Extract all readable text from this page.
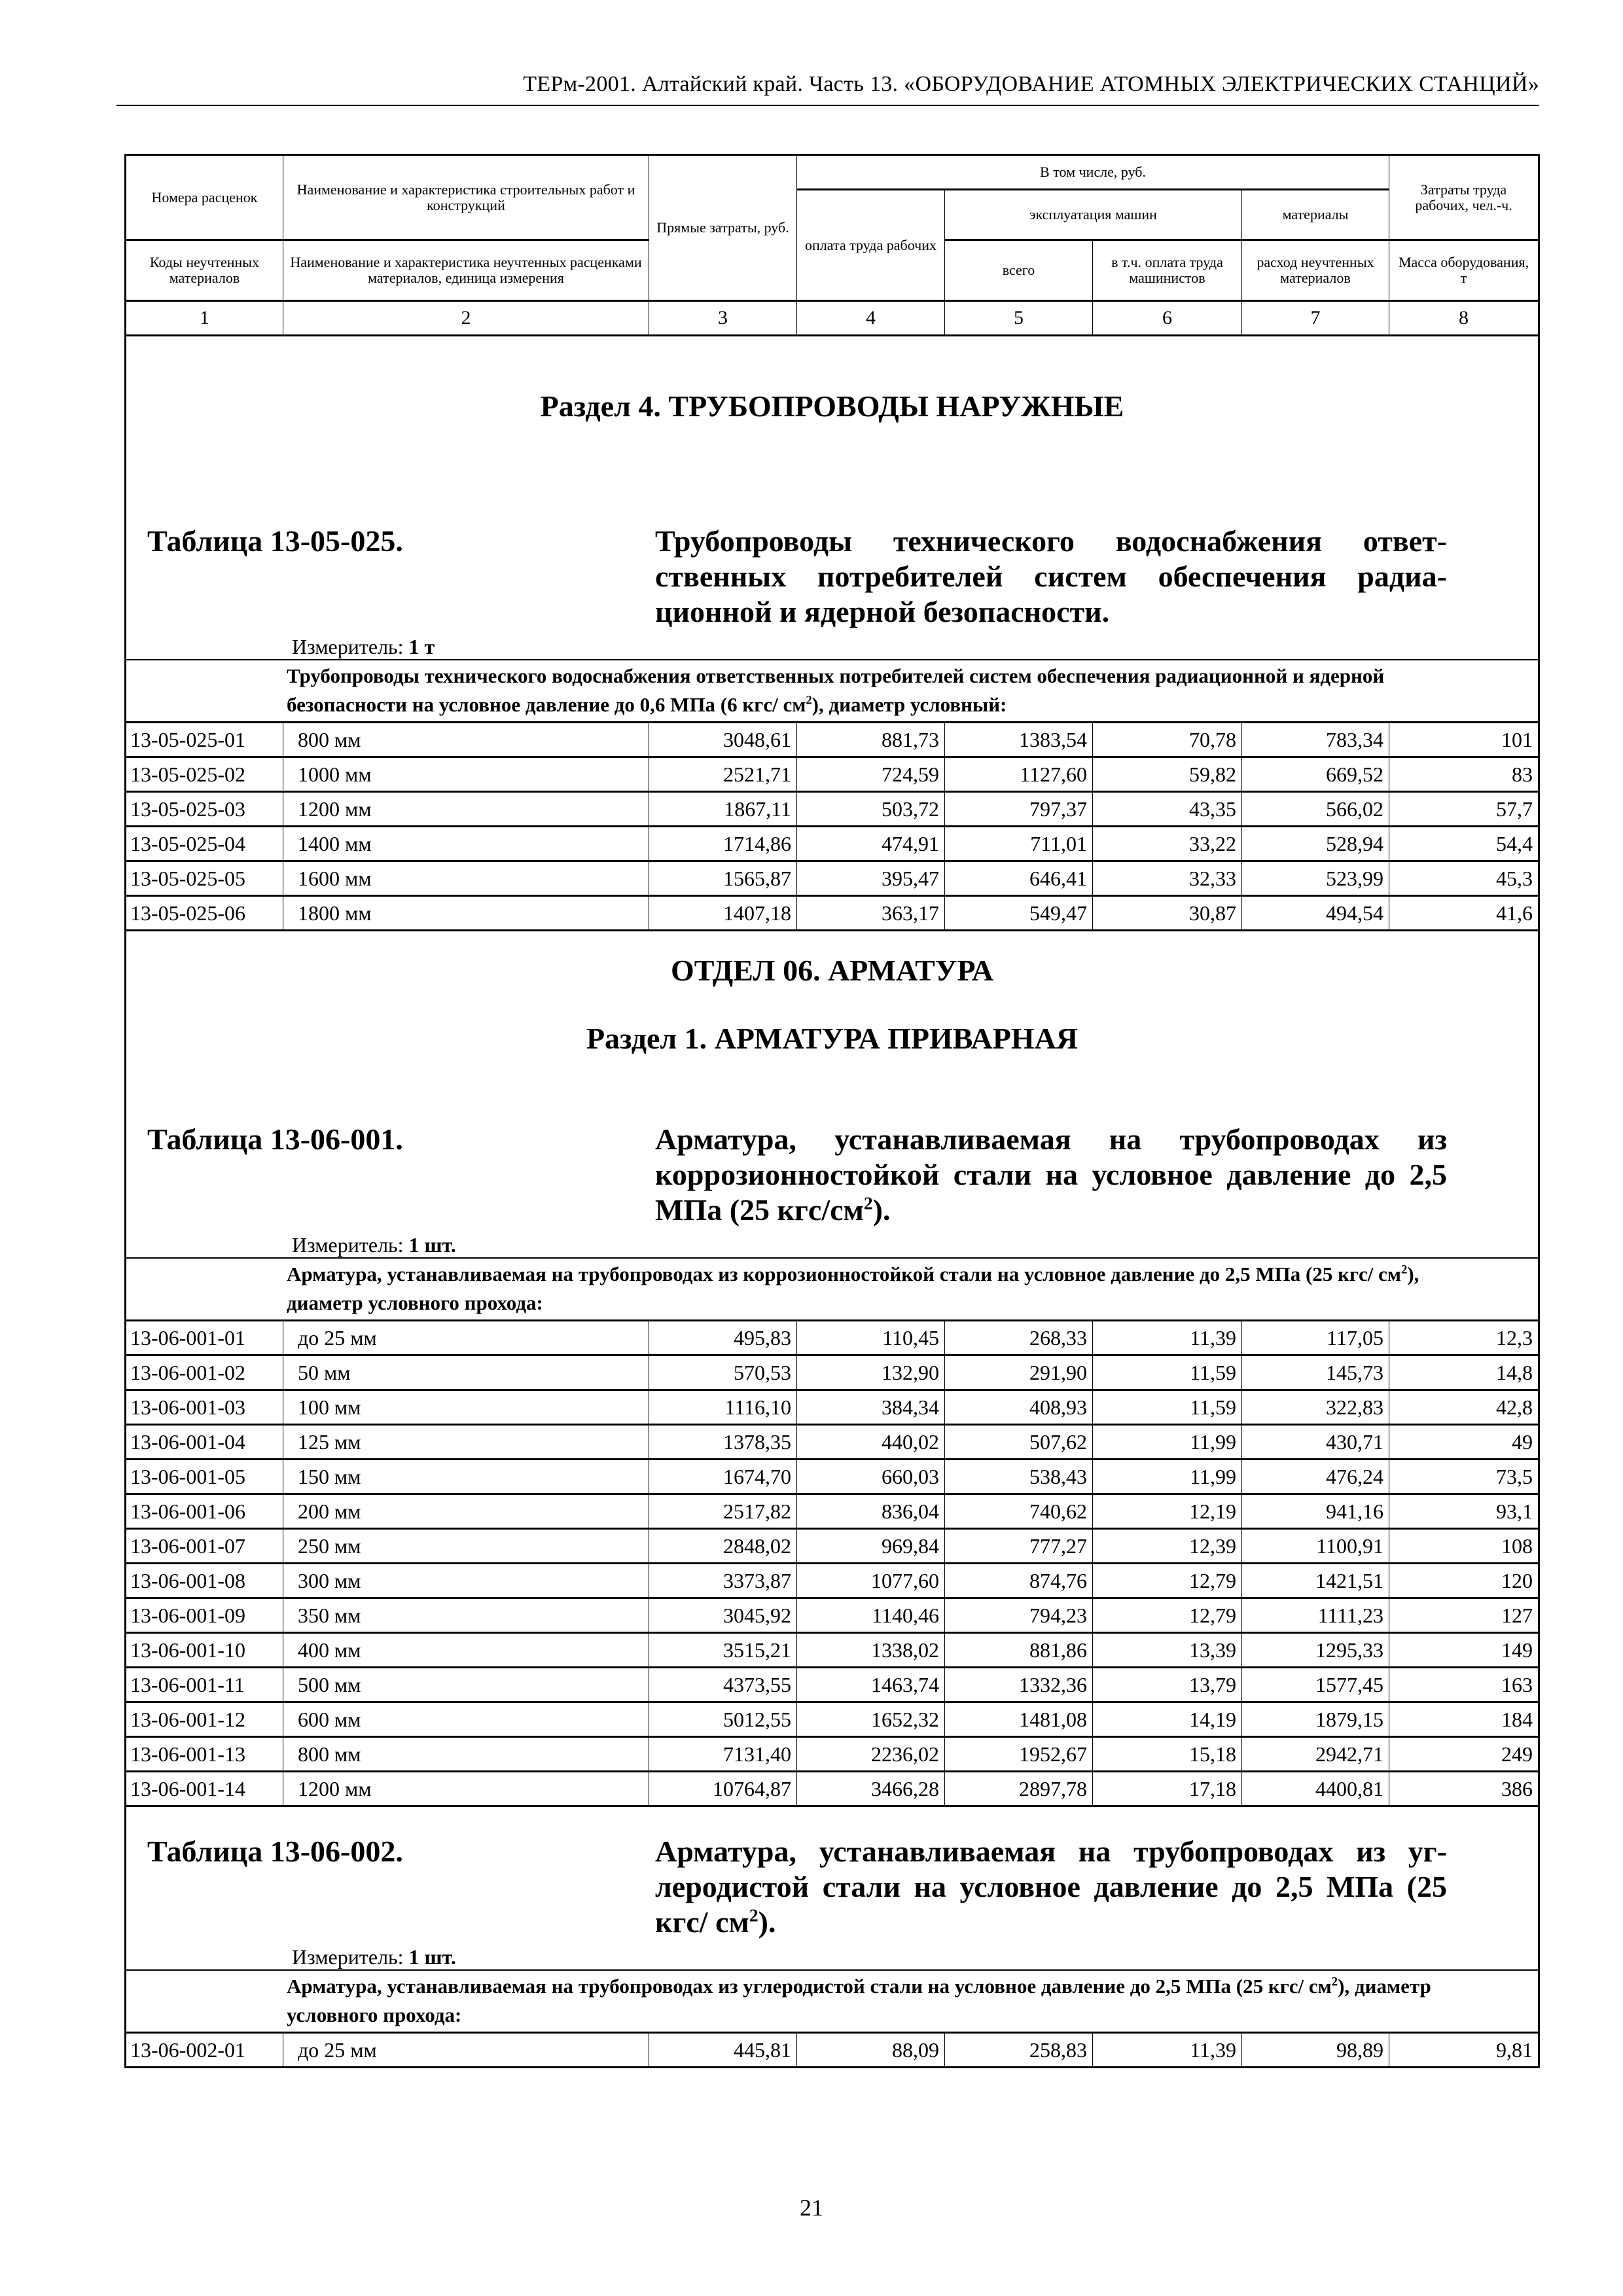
ТЕРм-2001. Алтайский край. Часть 13. «ОБОРУДОВАНИЕ АТОМНЫХ ЭЛЕКТРИЧЕСКИХ СТАНЦИЙ»
Номера расценок	Наименование и характеристика строительных работ и конструкций	Прямые затраты, руб.	В том числе, руб.				Затраты труда рабочих, чел.-ч.
			оплата труда рабочих	эксплуатация машин		материалы	
Коды неучтенных материалов	Наименование и характеристика неучтенных расценками материалов, единица измерения			всего	в т.ч. оплата труда машинистов	расход неучтенных материалов	Масса оборудования, т
1	2	3	4	5	6	7	8

Раздел 4. ТРУБОПРОВОДЫ НАРУЖНЫЕ							

Таблица 13-05-025. Трубопроводы технического водоснабжения ответственных потребителей систем обеспечения радиационной и ядерной безопасности.
Измеритель: 1 т							

Трубопроводы технического водоснабжения ответственных потребителей систем обеспечения радиационной и ядерной безопасности на условное давление до 0,6 МПа (6 кгс/ $см^2$), диаметр условный:							

13-05-025-01	800 мм	3048,61	881,73	1383,54	70,78	783,34	101
13-05-025-02	1000 мм	2521,71	724,59	1127,60	59,82	669,52	83
13-05-025-03	1200 мм	1867,11	503,72	797,37	43,35	566,02	57,7
13-05-025-04	1400 мм	1714,86	474,91	711,01	33,22	528,94	54,4
13-05-025-05	1600 мм	1565,87	395,47	646,41	32,33	523,99	45,3
13-05-025-06	1800 мм	1407,18	363,17	549,47	30,87	494,54	41,6

ОТДЕЛ 06. АРМАТУРА							

Раздел 1. АРМАТУРА ПРИВАРНАЯ							

Таблица 13-06-001. Арматура, устанавливаемая на трубопроводах из коррозионностойкой стали на условное давление до 2,5 МПа (25 кгс/$см^2$).
Измеритель: 1 шт.							

Арматура, устанавливаемая на трубопроводах из коррозионностойкой стали на условное давление до 2,5 МПа (25 кгс/ $см^2$), диаметр условного прохода:							

13-06-001-01	до 25 мм	495,83	110,45	268,33	11,39	117,05	12,3
13-06-001-02	50 мм	570,53	132,90	291,90	11,59	145,73	14,8
13-06-001-03	100 мм	1116,10	384,34	408,93	11,59	322,83	42,8
13-06-001-04	125 мм	1378,35	440,02	507,62	11,99	430,71	49
13-06-001-05	150 мм	1674,70	660,03	538,43	11,99	476,24	73,5
13-06-001-06	200 мм	2517,82	836,04	740,62	12,19	941,16	93,1
13-06-001-07	250 мм	2848,02	969,84	777,27	12,39	1100,91	108
13-06-001-08	300 мм	3373,87	1077,60	874,76	12,79	1421,51	120
13-06-001-09	350 мм	3045,92	1140,46	794,23	12,79	1111,23	127
13-06-001-10	400 мм	3515,21	1338,02	881,86	13,39	1295,33	149
13-06-001-11	500 мм	4373,55	1463,74	1332,36	13,79	1577,45	163
13-06-001-12	600 мм	5012,55	1652,32	1481,08	14,19	1879,15	184
13-06-001-13	800 мм	7131,40	2236,02	1952,67	15,18	2942,71	249
13-06-001-14	1200 мм	10764,87	3466,28	2897,78	17,18	4400,81	386

Таблица 13-06-002. Арматура, устанавливаемая на трубопроводах из углеродистой стали на условное давление до 2,5 МПа (25 кгс/ $см^2$).
Измеритель: 1 шт.							

Арматура, устанавливаемая на трубопроводах из углеродистой стали на условное давление до 2,5 МПа (25 кгс/ $см^2$), диаметр условного прохода:							

13-06-002-01	до 25 мм	445,81	88,09	258,83	11,39	98,89	9,81
21
